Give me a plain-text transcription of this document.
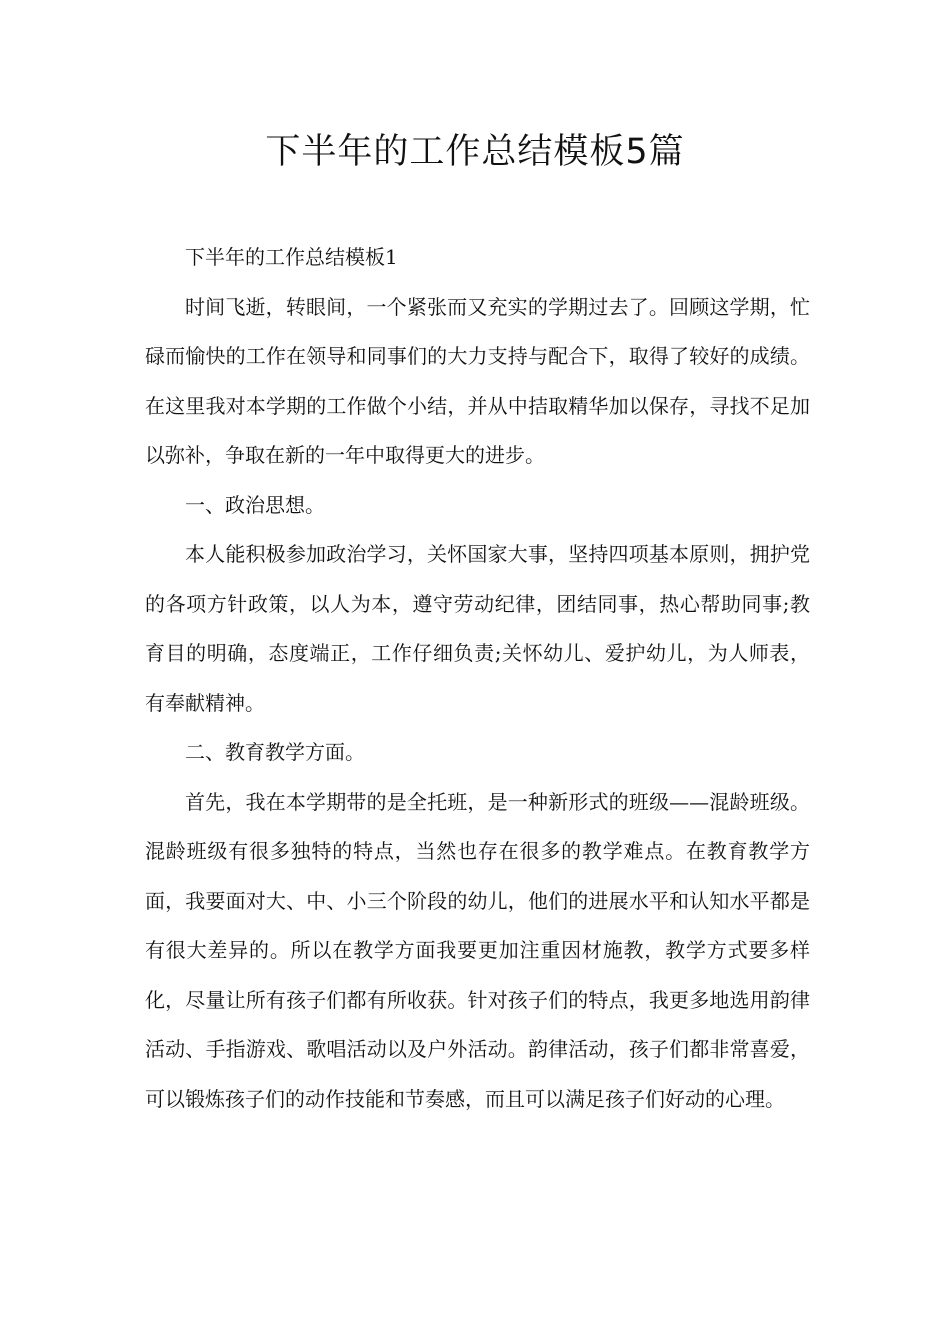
下半年的工作总结模板5篇

下半年的工作总结模板1

时间飞逝，转眼间，一个紧张而又充实的学期过去了。回顾这学期，忙碌而愉快的工作在领导和同事们的大力支持与配合下，取得了较好的成绩。在这里我对本学期的工作做个小结，并从中拮取精华加以保存，寻找不足加以弥补，争取在新的一年中取得更大的进步。

一、政治思想。

本人能积极参加政治学习，关怀国家大事，坚持四项基本原则，拥护党的各项方针政策，以人为本，遵守劳动纪律，团结同事，热心帮助同事;教育目的明确，态度端正，工作仔细负责;关怀幼儿、爱护幼儿，为人师表，有奉献精神。

二、教育教学方面。

首先，我在本学期带的是全托班，是一种新形式的班级——混龄班级。混龄班级有很多独特的特点，当然也存在很多的教学难点。在教育教学方面，我要面对大、中、小三个阶段的幼儿，他们的进展水平和认知水平都是有很大差异的。所以在教学方面我要更加注重因材施教，教学方式要多样化，尽量让所有孩子们都有所收获。针对孩子们的特点，我更多地选用韵律活动、手指游戏、歌唱活动以及户外活动。韵律活动，孩子们都非常喜爱，可以锻炼孩子们的动作技能和节奏感，而且可以满足孩子们好动的心理。
